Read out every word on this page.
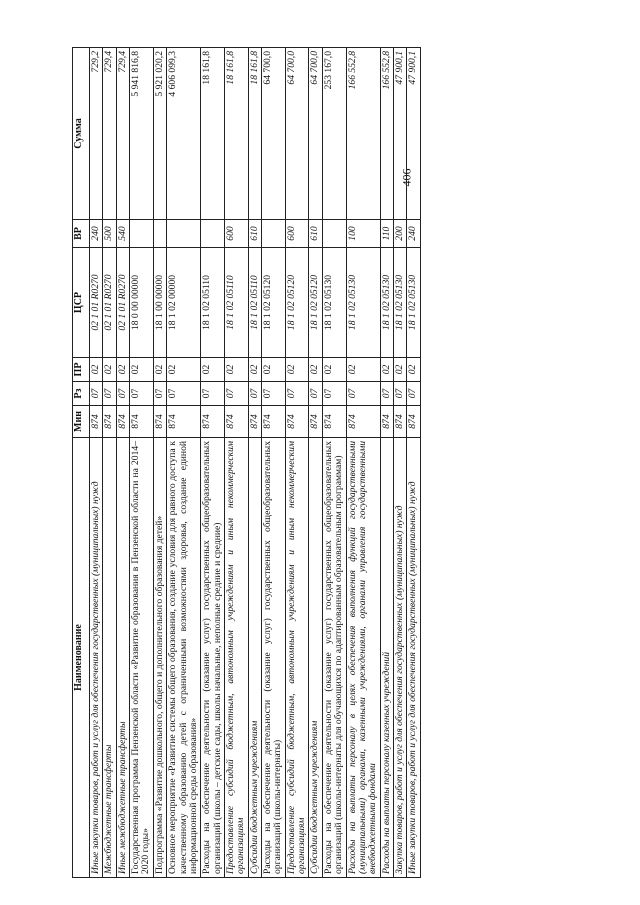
406
Наименование	Мин	Рз	ПР	ЦСР	ВР	Сумма
Иные закупки товаров, работ и услуг для обеспечения государственных (муниципальных) нужд	874	07	02	02 1 01 R0270	240	729,2
Межбюджетные трансферты	874	07	02	02 1 01 R0270	500	729,4
Иные межбюджетные трансферты	874	07	02	02 1 01 R0270	540	729,4
Государственная программа Пензенской области «Развитие образования в Пензенской области на 2014–2020 годы»	874	07	02	18 0 00 00000		5 941 816,8
Подпрограмма «Развитие дошкольного, общего и дополнительного образования детей»	874	07	02	18 1 00 00000		5 921 020,2
Основное мероприятие «Развитие системы общего образования, создание условия для равного доступа к качественному образованию детей с ограниченными возможностями здоровья, создание единой информационной среды образования»	874	07	02	18 1 02 00000		4 606 099,3
Расходы на обеспечение деятельности (оказание услуг) государственных общеобразовательных организаций (школы – детские сады, школы начальные, неполные средние и средние)	874	07	02	18 1 02 05110		18 161,8
Предоставление субсидий бюджетным, автономным учреждениям и иным некоммерческим организациям	874	07	02	18 1 02 05110	600	18 161,8
Субсидии бюджетным учреждениям	874	07	02	18 1 02 05110	610	18 161,8
Расходы на обеспечение деятельности (оказание услуг) государственных общеобразовательных организаций (школы-интернаты)	874	07	02	18 1 02 05120		64 700,0
Предоставление субсидий бюджетным, автономным учреждениям и иным некоммерческим организациям	874	07	02	18 1 02 05120	600	64 700,0
Субсидии бюджетным учреждениям	874	07	02	18 1 02 05120	610	64 700,0
Расходы на обеспечение деятельности (оказание услуг) государственных общеобразовательных организаций (школы-интернаты для обучающихся по адаптированным образовательным программам)	874	07	02	18 1 02 05130		253 167,0
Расходы на выплаты персоналу в целях обеспечения выполнения функций государственными (муниципальными) органами, казенными учреждениями, органами управления государственными внебюджетными фондами	874	07	02	18 1 02 05130	100	166 552,8
Расходы на выплаты персоналу казенных учреждений	874	07	02	18 1 02 05130	110	166 552,8
Закупка товаров, работ и услуг для обеспечения государственных (муниципальных) нужд	874	07	02	18 1 02 05130	200	47 900,1
Иные закупки товаров, работ и услуг для обеспечения государственных (муниципальных) нужд	874	07	02	18 1 02 05130	240	47 900,1
